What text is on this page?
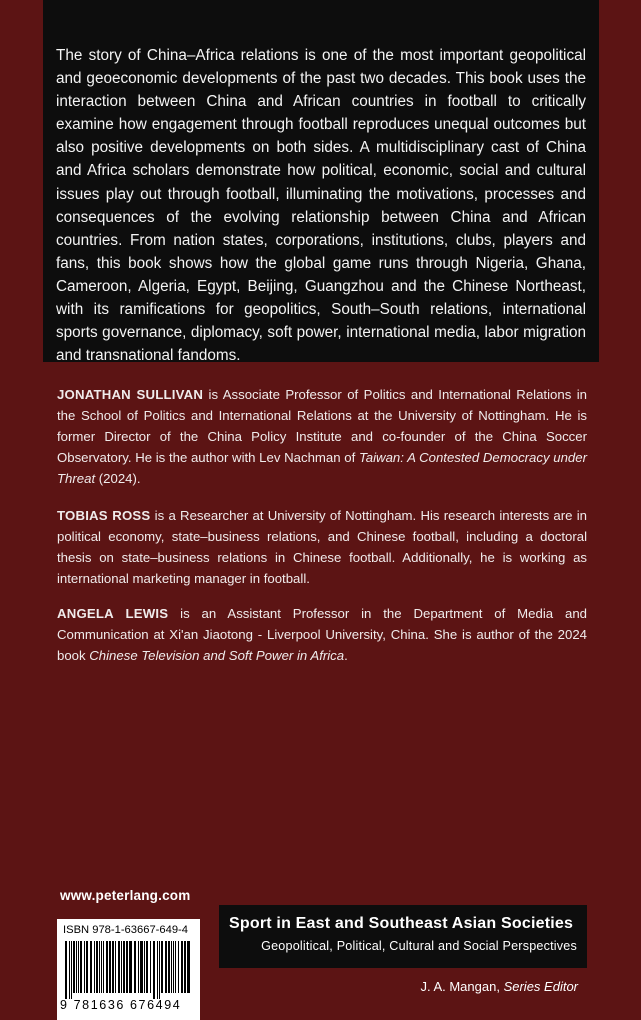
The story of China–Africa relations is one of the most important geopolitical and geoeconomic developments of the past two decades. This book uses the interaction between China and African countries in football to critically examine how engagement through football reproduces unequal outcomes but also positive developments on both sides. A multidisciplinary cast of China and Africa scholars demonstrate how political, economic, social and cultural issues play out through football, illuminating the motivations, processes and consequences of the evolving relationship between China and African countries. From nation states, corporations, institutions, clubs, players and fans, this book shows how the global game runs through Nigeria, Ghana, Cameroon, Algeria, Egypt, Beijing, Guangzhou and the Chinese Northeast, with its ramifications for geopolitics, South–South relations, international sports governance, diplomacy, soft power, international media, labor migration and transnational fandoms.

JONATHAN SULLIVAN is Associate Professor of Politics and International Relations in the School of Politics and International Relations at the University of Nottingham. He is former Director of the China Policy Institute and co-founder of the China Soccer Observatory. He is the author with Lev Nachman of Taiwan: A Contested Democracy under Threat (2024).

TOBIAS ROSS is a Researcher at University of Nottingham. His research interests are in political economy, state–business relations, and Chinese football, including a doctoral thesis on state–business relations in Chinese football. Additionally, he is working as international marketing manager in football.

ANGELA LEWIS is an Assistant Professor in the Department of Media and Communication at Xi'an Jiaotong - Liverpool University, China. She is author of the 2024 book Chinese Television and Soft Power in Africa.

www.peterlang.com
ISBN 978-1-63667-649-4
9 781636 676494
Sport in East and Southeast Asian Societies
Geopolitical, Political, Cultural and Social Perspectives
J. A. Mangan, Series Editor
